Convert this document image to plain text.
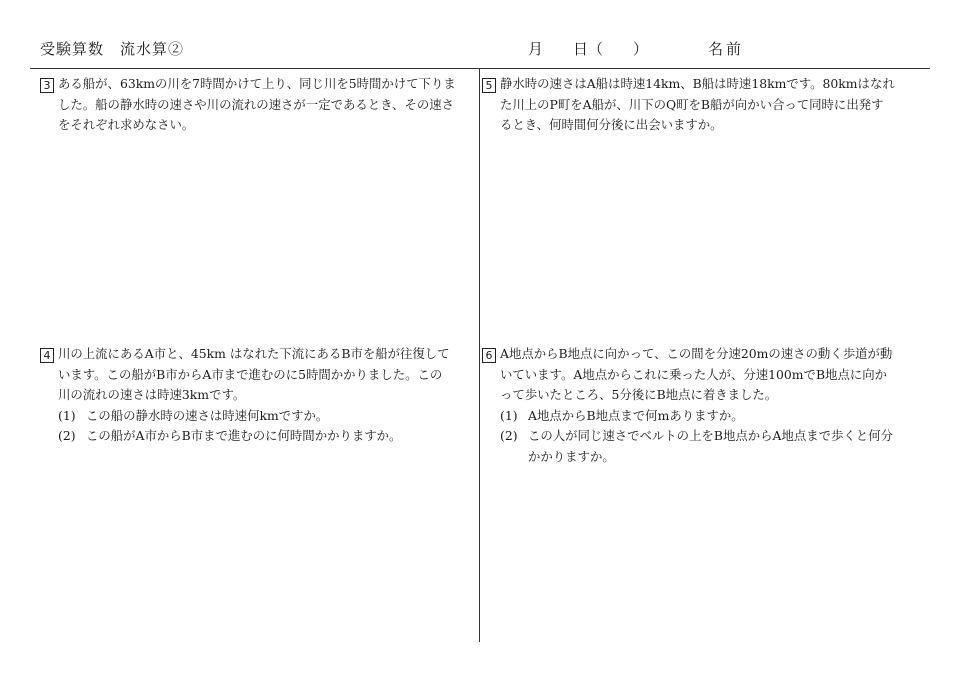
受験算数　流水算②	月　　日（　　）	名前
3 ある船が、63kmの川を7時間かけて上り、同じ川を5時間かけて下りま
した。船の静水時の速さや川の流れの速さが一定であるとき、その速さ
をそれぞれ求めなさい。
5 静水時の速さはA船は時速14km、B船は時速18kmです。80kmはなれ
た川上のP町をA船が、川下のQ町をB船が向かい合って同時に出発す
るとき、何時間何分後に出会いますか。
4 川の上流にあるA市と、45km はなれた下流にあるB市を船が往復して
います。この船がB市からA市まで進むのに5時間かかりました。この
川の流れの速さは時速3kmです。
(1) この船の静水時の速さは時速何kmですか。
(2) この船がA市からB市まで進むのに何時間かかりますか。
6 A地点からB地点に向かって、この間を分速20mの速さの動く歩道が動
いています。A地点からこれに乗った人が、分速100mでB地点に向か
って歩いたところ、5分後にB地点に着きました。
(1) A地点からB地点まで何mありますか。
(2) この人が同じ速さでベルトの上をB地点からA地点まで歩くと何分
かかりますか。
